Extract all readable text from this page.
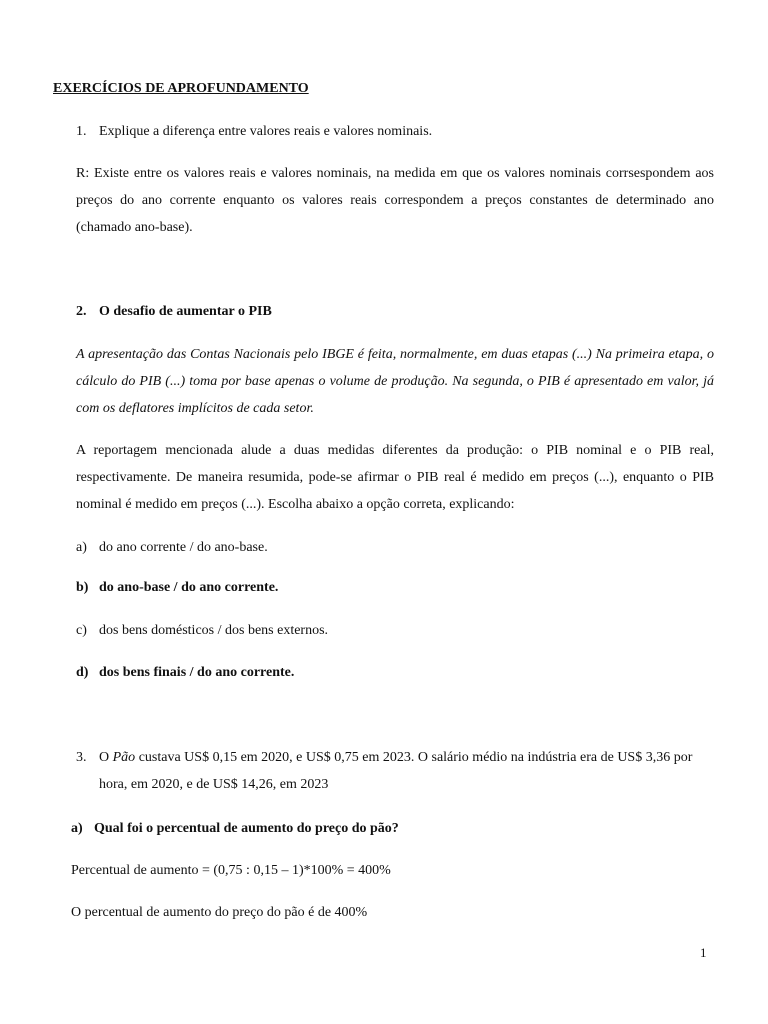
EXERCÍCIOS DE APROFUNDAMENTO

1. Explique a diferença entre valores reais e valores nominais.

R: Existe entre os valores reais e valores nominais, na medida em que os valores nominais corrsespondem aos preços do ano corrente enquanto os valores reais correspondem a preços constantes de determinado ano (chamado ano-base).

2. O desafio de aumentar o PIB

A apresentação das Contas Nacionais pelo IBGE é feita, normalmente, em duas etapas (...) Na primeira etapa, o cálculo do PIB (...) toma por base apenas o volume de produção. Na segunda, o PIB é apresentado em valor, já com os deflatores implícitos de cada setor.

A reportagem mencionada alude a duas medidas diferentes da produção: o PIB nominal e o PIB real, respectivamente. De maneira resumida, pode-se afirmar o PIB real é medido em preços (...), enquanto o PIB nominal é medido em preços (...). Escolha abaixo a opção correta, explicando:

a) do ano corrente / do ano-base.

b) do ano-base / do ano corrente.

c) dos bens domésticos / dos bens externos.

d) dos bens finais / do ano corrente.

3. O Pão custava US$ 0,15 em 2020, e US$ 0,75 em 2023. O salário médio na indústria era de US$ 3,36 por hora, em 2020, e de US$ 14,26, em 2023

a) Qual foi o percentual de aumento do preço do pão?

Percentual de aumento = (0,75 : 0,15 – 1)*100% = 400%

O percentual de aumento do preço do pão é de 400%

1
